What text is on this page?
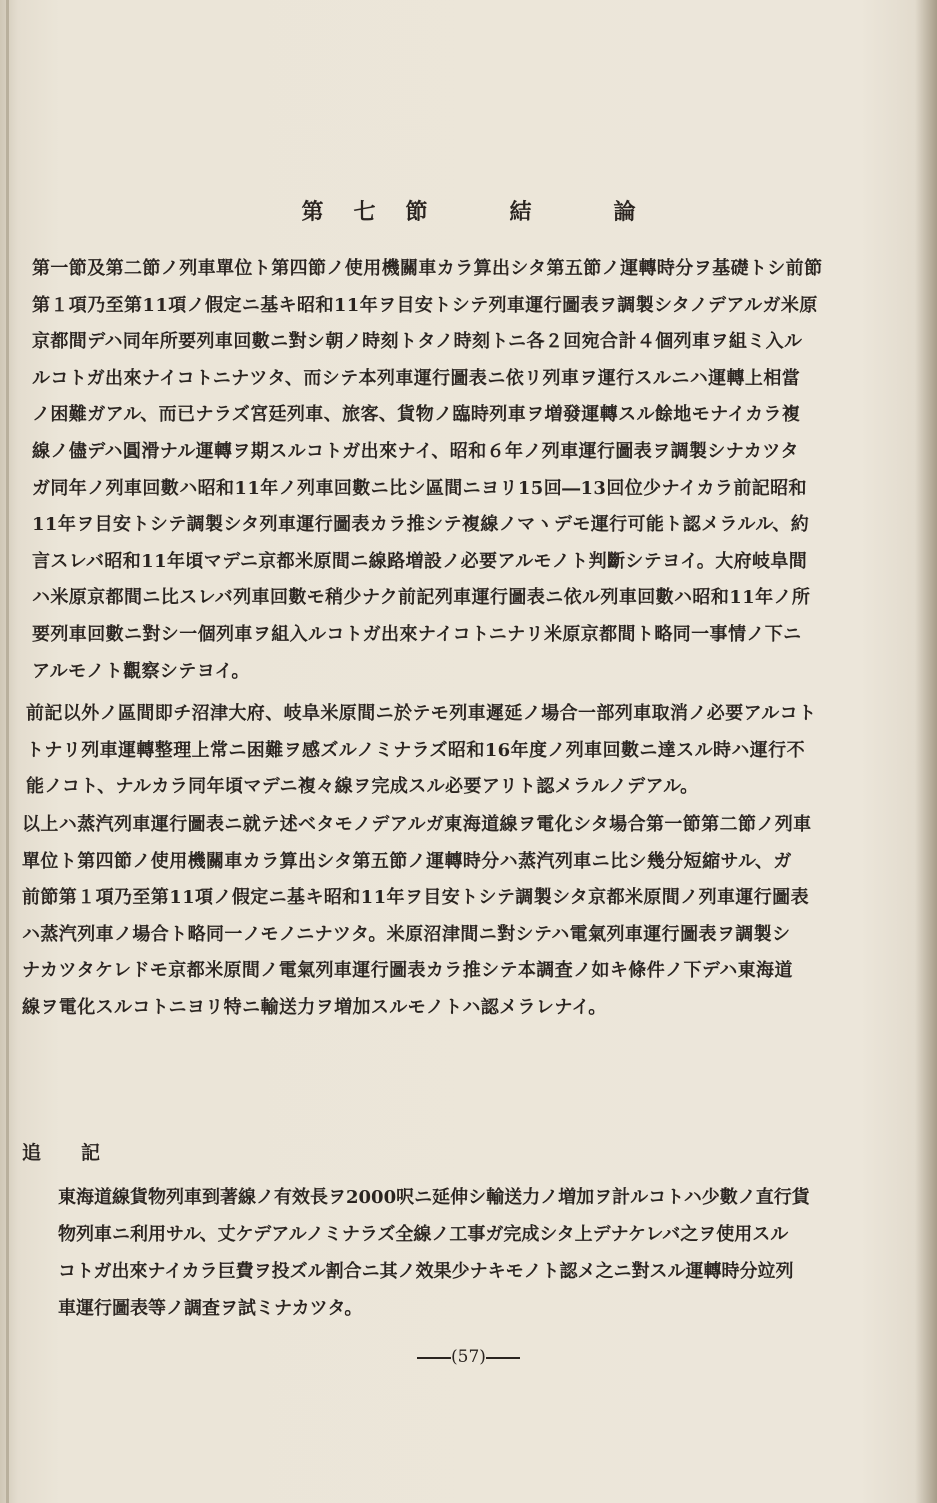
第七節　結　論
第一節及第二節ノ列車單位ト第四節ノ使用機關車カラ算出シタ第五節ノ運轉時分ヲ基礎トシ前節
第１項乃至第11項ノ假定ニ基キ昭和11年ヲ目安トシテ列車運行圖表ヲ調製シタノデアルガ米原
京都間デハ同年所要列車回數ニ對シ朝ノ時刻トタノ時刻トニ各２回宛合計４個列車ヲ組ミ入ル
ルコトガ出來ナイコトニナツタ、而シテ本列車運行圖表ニ依リ列車ヲ運行スルニハ運轉上相當
ノ困難ガアル、而已ナラズ宮廷列車、旅客、貨物ノ臨時列車ヲ増發運轉スル餘地モナイカラ複
線ノ儘デハ圓滑ナル運轉ヲ期スルコトガ出來ナイ、昭和６年ノ列車運行圖表ヲ調製シナカツタ
ガ同年ノ列車回數ハ昭和11年ノ列車回數ニ比シ區間ニヨリ15回―13回位少ナイカラ前記昭和
11年ヲ目安トシテ調製シタ列車運行圖表カラ推シテ複線ノマヽデモ運行可能ト認メラルル、約
言スレバ昭和11年頃マデニ京都米原間ニ線路増設ノ必要アルモノト判斷シテヨイ。大府岐阜間
ハ米原京都間ニ比スレバ列車回數モ稍少ナク前記列車運行圖表ニ依ル列車回數ハ昭和11年ノ所
要列車回數ニ對シ一個列車ヲ組入ルコトガ出來ナイコトニナリ米原京都間ト略同一事情ノ下ニ
アルモノト觀察シテヨイ。
前記以外ノ區間即チ沼津大府、岐阜米原間ニ於テモ列車遲延ノ場合一部列車取消ノ必要アルコト
トナリ列車運轉整理上常ニ困難ヲ感ズルノミナラズ昭和16年度ノ列車回數ニ達スル時ハ運行不
能ノコト、ナルカラ同年頃マデニ複々線ヲ完成スル必要アリト認メラルノデアル。
以上ハ蒸汽列車運行圖表ニ就テ述ベタモノデアルガ東海道線ヲ電化シタ場合第一節第二節ノ列車
單位ト第四節ノ使用機關車カラ算出シタ第五節ノ運轉時分ハ蒸汽列車ニ比シ幾分短縮サル、ガ
前節第１項乃至第11項ノ假定ニ基キ昭和11年ヲ目安トシテ調製シタ京都米原間ノ列車運行圖表
ハ蒸汽列車ノ場合ト略同一ノモノニナツタ。米原沼津間ニ對シテハ電氣列車運行圖表ヲ調製シ
ナカツタケレドモ京都米原間ノ電氣列車運行圖表カラ推シテ本調査ノ如キ條件ノ下デハ東海道
線ヲ電化スルコトニヨリ特ニ輸送力ヲ増加スルモノトハ認メラレナイ。
追記
東海道線貨物列車到著線ノ有效長ヲ2000呎ニ延伸シ輸送力ノ増加ヲ計ルコトハ少數ノ直行貨
物列車ニ利用サル、丈ケデアルノミナラズ全線ノ工事ガ完成シタ上デナケレバ之ヲ使用スル
コトガ出來ナイカラ巨費ヲ投ズル割合ニ其ノ效果少ナキモノト認メ之ニ對スル運轉時分竝列
車運行圖表等ノ調査ヲ試ミナカツタ。
(57)
